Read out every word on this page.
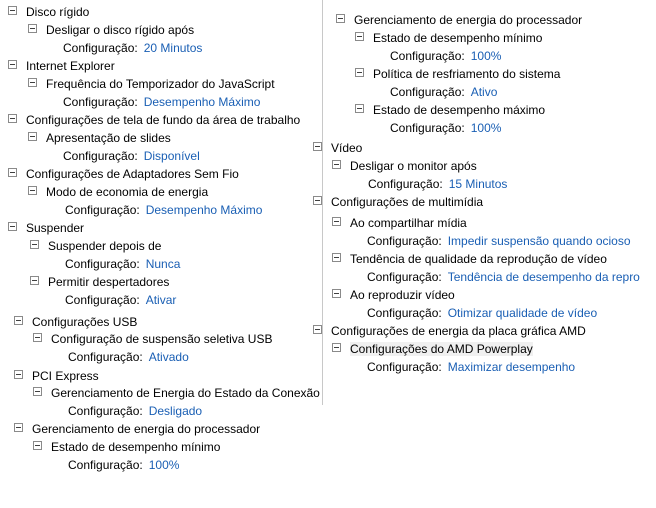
Disco rígido
Desligar o disco rígido após
Configuração: 20 Minutos
Internet Explorer
Frequência do Temporizador do JavaScript
Configuração: Desempenho Máximo
Configurações de tela de fundo da área de trabalho
Apresentação de slides
Configuração: Disponível
Configurações de Adaptadores Sem Fio
Modo de economia de energia
Configuração: Desempenho Máximo
Suspender
Suspender depois de
Configuração: Nunca
Permitir despertadores
Configuração: Ativar
Configurações USB
Configuração de suspensão seletiva USB
Configuração: Ativado
PCI Express
Gerenciamento de Energia do Estado da Conexão
Configuração: Desligado
Gerenciamento de energia do processador
Estado de desempenho mínimo
Configuração: 100%
Gerenciamento de energia do processador
Estado de desempenho mínimo
Configuração: 100%
Política de resfriamento do sistema
Configuração: Ativo
Estado de desempenho máximo
Configuração: 100%
Vídeo
Desligar o monitor após
Configuração: 15 Minutos
Configurações de multimídia
Ao compartilhar mídia
Configuração: Impedir suspensão quando ocioso
Tendência de qualidade da reprodução de vídeo
Configuração: Tendência de desempenho da repro
Ao reproduzir vídeo
Configuração: Otimizar qualidade de vídeo
Configurações de energia da placa gráfica AMD
Configurações do AMD Powerplay
Configuração: Maximizar desempenho
